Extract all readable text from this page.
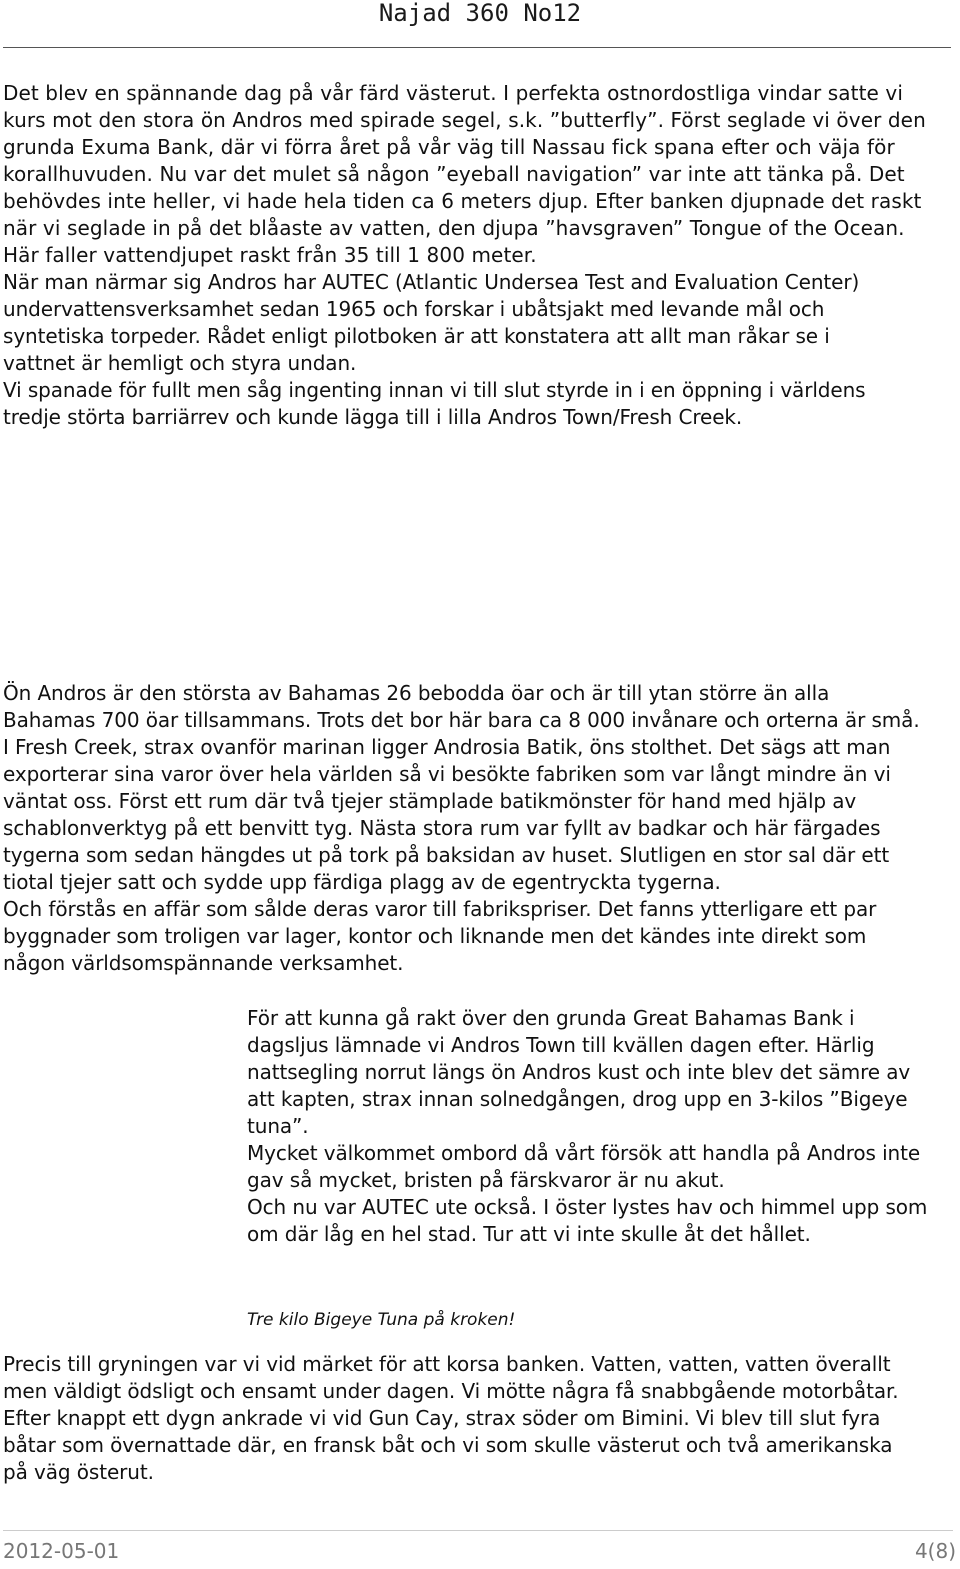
Najad 360 No12

Det blev en spännande dag på vår färd västerut. I perfekta ostnordostliga vindar satte vi
kurs mot den stora ön Andros med spirade segel, s.k. ”butterfly”. Först seglade vi över den
grunda Exuma Bank, där vi förra året på vår väg till Nassau fick spana efter och väja för
korallhuvuden. Nu var det mulet så någon ”eyeball navigation” var inte att tänka på. Det
behövdes inte heller, vi hade hela tiden ca 6 meters djup. Efter banken djupnade det raskt
när vi seglade in på det blåaste av vatten, den djupa ”havsgraven” Tongue of the Ocean.
Här faller vattendjupet raskt från 35 till 1 800 meter.

När man närmar sig Andros har AUTEC (Atlantic Undersea Test and Evaluation Center)
undervattensverksamhet sedan 1965 och forskar i ubåtsjakt med levande mål och
syntetiska torpeder. Rådet enligt pilotboken är att konstatera att allt man råkar se i
vattnet är hemligt och styra undan.

Vi spanade för fullt men såg ingenting innan vi till slut styrde in i en öppning i världens
tredje störta barriärrev och kunde lägga till i lilla Andros Town/Fresh Creek.

Ön Andros är den största av Bahamas 26 bebodda öar och är till ytan större än alla
Bahamas 700 öar tillsammans. Trots det bor här bara ca 8 000 invånare och orterna är små.
I Fresh Creek, strax ovanför marinan ligger Androsia Batik, öns stolthet. Det sägs att man
exporterar sina varor över hela världen så vi besökte fabriken som var långt mindre än vi
väntat oss. Först ett rum där två tjejer stämplade batikmönster för hand med hjälp av
schablonverktyg på ett benvitt tyg. Nästa stora rum var fyllt av badkar och här färgades
tygerna som sedan hängdes ut på tork på baksidan av huset. Slutligen en stor sal där ett
tiotal tjejer satt och sydde upp färdiga plagg av de egentryckta tygerna.

Och förstås en affär som sålde deras varor till fabrikspriser. Det fanns ytterligare ett par
byggnader som troligen var lager, kontor och liknande men det kändes inte direkt som
någon världsomspännande verksamhet.

För att kunna gå rakt över den grunda Great Bahamas Bank i
dagsljus lämnade vi Andros Town till kvällen dagen efter. Härlig
nattsegling norrut längs ön Andros kust och inte blev det sämre av
att kapten, strax innan solnedgången, drog upp en 3-kilos ”Bigeye
tuna”.

Mycket välkommet ombord då vårt försök att handla på Andros inte
gav så mycket, bristen på färskvaror är nu akut.

Och nu var AUTEC ute också. I öster lystes hav och himmel upp som
om där låg en hel stad. Tur att vi inte skulle åt det hållet.

Tre kilo Bigeye Tuna på kroken!

Precis till gryningen var vi vid märket för att korsa banken. Vatten, vatten, vatten överallt
men väldigt ödsligt och ensamt under dagen. Vi mötte några få snabbgående motorbåtar.
Efter knappt ett dygn ankrade vi vid Gun Cay, strax söder om Bimini. Vi blev till slut fyra
båtar som övernattade där, en fransk båt och vi som skulle västerut och två amerikanska
på väg österut.

2012-05-01	4(8)
